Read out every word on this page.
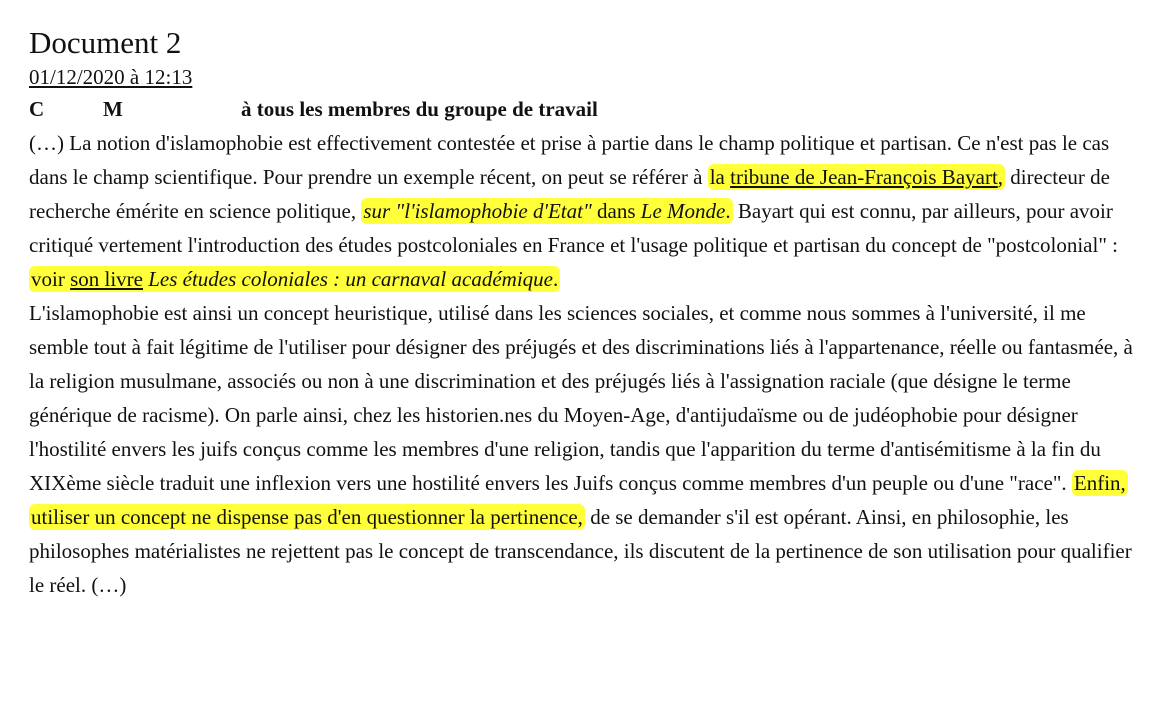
Document 2
01/12/2020 à 12:13
C	M	à tous les membres du groupe de travail

(…) La notion d'islamophobie est effectivement contestée et prise à partie dans le champ politique et partisan. Ce n'est pas le cas dans le champ scientifique. Pour prendre un exemple récent, on peut se référer à la tribune de Jean-François Bayart, directeur de recherche émérite en science politique, sur "l'islamophobie d'Etat" dans Le Monde. Bayart qui est connu, par ailleurs, pour avoir critiqué vertement l'introduction des études postcoloniales en France et l'usage politique et partisan du concept de "postcolonial" : voir son livre Les études coloniales : un carnaval académique.

L'islamophobie est ainsi un concept heuristique, utilisé dans les sciences sociales, et comme nous sommes à l'université, il me semble tout à fait légitime de l'utiliser pour désigner des préjugés et des discriminations liés à l'appartenance, réelle ou fantasmée, à la religion musulmane, associés ou non à une discrimination et des préjugés liés à l'assignation raciale (que désigne le terme générique de racisme). On parle ainsi, chez les historien.nes du Moyen-Age, d'antijudaïsme ou de judéophobie pour désigner l'hostilité envers les juifs conçus comme les membres d'une religion, tandis que l'apparition du terme d'antisémitisme à la fin du XIXème siècle traduit une inflexion vers une hostilité envers les Juifs conçus comme membres d'un peuple ou d'une "race". Enfin, utiliser un concept ne dispense pas d'en questionner la pertinence, de se demander s'il est opérant. Ainsi, en philosophie, les philosophes matérialistes ne rejettent pas le concept de transcendance, ils discutent de la pertinence de son utilisation pour qualifier le réel. (…)
